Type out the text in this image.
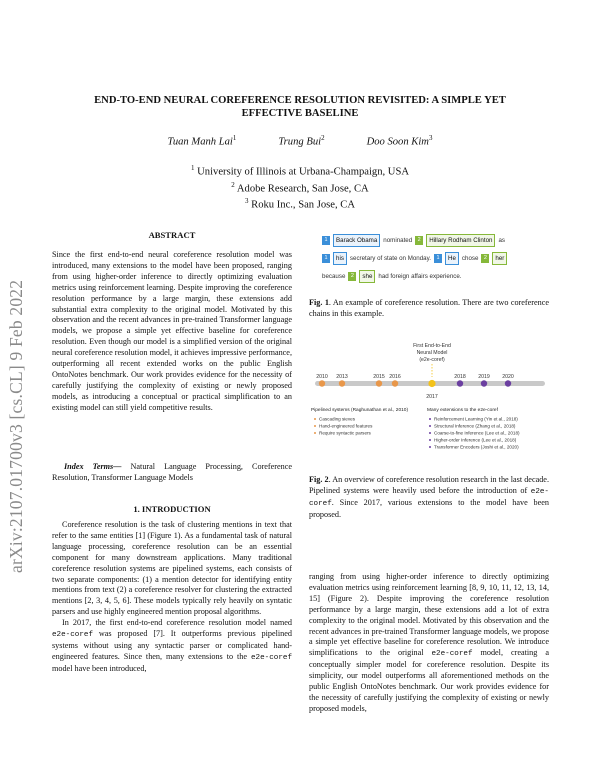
arXiv:2107.01700v3 [cs.CL] 9 Feb 2022
END-TO-END NEURAL COREFERENCE RESOLUTION REVISITED: A SIMPLE YET
EFFECTIVE BASELINE
Tuan Manh Lai$^1$	Trung Bui$^2$	Doo Soon Kim$^3$
$^1$ University of Illinois at Urbana-Champaign, USA
$^2$ Adobe Research, San Jose, CA
$^3$ Roku Inc., San Jose, CA
ABSTRACT
Since the first end-to-end neural coreference resolution model was introduced, many extensions to the model have been proposed, ranging from using higher-order inference to directly optimizing evaluation metrics using reinforcement learning. Despite improving the coreference resolution performance by a large margin, these extensions add substantial extra complexity to the original model. Motivated by this observation and the recent advances in pre-trained Transformer language models, we propose a simple yet effective baseline for coreference resolution. Even though our model is a simplified version of the original neural coreference resolution model, it achieves impressive performance, outperforming all recent extended works on the public English OntoNotes benchmark. Our work provides evidence for the necessity of carefully justifying the complexity of existing or newly proposed models, as introducing a conceptual or practical simplification to an existing model can still yield competitive results.
Index Terms— Natural Language Processing, Coreference Resolution, Transformer Language Models
1. INTRODUCTION

Coreference resolution is the task of clustering mentions in text that refer to the same entities [1] (Figure 1). As a fundamental task of natural language processing, coreference resolution can be an essential component for many downstream applications. Many traditional coreference resolution systems are pipelined systems, each consists of two separate components: (1) a mention detector for identifying entity mentions from text (2) a coreference resolver for clustering the extracted mentions [2, 3, 4, 5, 6]. These models typically rely heavily on syntatic parsers and use highly engineered mention proposal algorithms.

In 2017, the first end-to-end coreference resolution model named e2e-coref was proposed [7]. It outperforms previous pipelined systems without using any syntactic parser or complicated hand-engineered features. Since then, many extensions to the e2e-coref model have been introduced,

1	Barack Obama nominated 2	Hillary Rodham Clinton as
1	his secretary of state on Monday. 1	He chose 2	her
because 2	she had foreign affairs experience.
Fig. 1. An example of coreference resolution. There are two coreference chains in this example.
First End-to-End
Neural Model
(e2e-coref)
2010 2013	2015 2016
2017
2018 2019 2020
Pipelined systems (Raghunathan et al., 2010)
Cascading sieves
Hand-engineered features
Require syntactic parsers
Many extensions to the e2e-coref
Reinforcement Learning (Yin et al., 2018)
Structural Inference (Zhang et al., 2018)
Coarse-to-fine Inference (Lee et al., 2018)
Higher-order Inference (Lee et al., 2018)
Transformer Encoders (Joshi et al., 2020)
Fig. 2. An overview of coreference resolution research in the last decade. Pipelined systems were heavily used before the introduction of e2e-coref. Since 2017, various extensions to the model have been proposed.
ranging from using higher-order inference to directly optimizing evaluation metrics using reinforcement learning [8, 9, 10, 11, 12, 13, 14, 15] (Figure 2). Despite improving the coreference resolution performance by a large margin, these extensions add a lot of extra complexity to the original model. Motivated by this observation and the recent advances in pre-trained Transformer language models, we propose a simple yet effective baseline for coreference resolution. We introduce simplifications to the original e2e-coref model, creating a conceptually simpler model for coreference resolution. Despite its simplicity, our model outperforms all aforementioned methods on the public English OntoNotes benchmark. Our work provides evidence for the necessity of carefully justifying the complexity of existing or newly proposed models,
